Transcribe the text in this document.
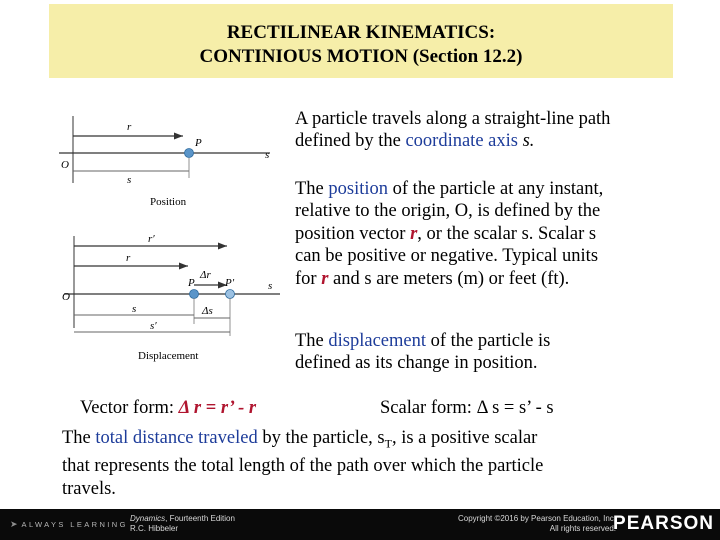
RECTILINEAR KINEMATICS:
CONTINIOUS MOTION (Section 12.2)
r
P
O
s
s
Position
r′
r
Δr
P	P′
O
s
s	Δs
s′
Displacement

A particle travels along a straight-line path
defined by the coordinate axis s.

The position of the particle at any instant,
relative to the origin, O, is defined by the
position vector r, or the scalar s. Scalar s
can be positive or negative. Typical units
for r and s are meters (m) or feet (ft).

The displacement of the particle is
defined as its change in position.

Vector form: Δ r = r’ - r	Scalar form: Δ s = s’ - s
The total distance traveled by the particle, $s_T$, is a positive scalar
that represents the total length of the path over which the particle
travels.
➤ ALWAYS LEARNING
Dynamics, Fourteenth Edition
R.C. Hibbeler
Copyright ©2016 by Pearson Education, Inc.
All rights reserved.
PEARSON
